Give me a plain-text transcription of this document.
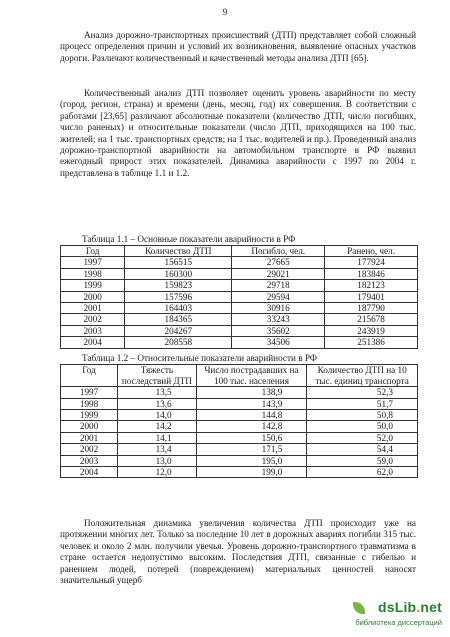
9

Анализ дорожно-транспортных происшествий (ДТП) представляет собой сложный процесс определения причин и условий их возникновения, выявление опасных участков дороги. Различают количественный и качественный методы анализа ДТП [65].

Количественный анализ ДТП позволяет оценить уровень аварийности по месту (город, регион, страна) и времени (день, месяц, год) их совершения. В соответствии с работами [23,65] различают абсолютные показатели (количество ДТП, число погибших, число раненых) и относительные показатели (число ДТП, приходящихся на 100 тыс. жителей; на 1 тыс. транспортных средств; на 1 тыс. водителей и пр.). Проведенный анализ дорожно-транспортной аварийности на автомобильном транспорте в РФ выявил ежегодный прирост этих показателей. Динамика аварийности с 1997 по 2004 г. представлена в таблице 1.1 и 1.2.

Таблица 1.1 – Основные показатели аварийности в РФ
Год	Количество ДТП	Погибло, чел.	Ранено, чел.
1997	156515	27665	177924
1998	160300	29021	183846
1999	159823	29718	182123
2000	157596	29594	179401
2001	164403	30916	187790
2002	184365	33243	215678
2003	204267	35602	243919
2004	208558	34506	251386
Таблица 1.2 – Относительные показатели аварийности в РФ
Год	Тяжесть последствий ДТП	Число пострадавших на 100 тыс. населения	Количество ДТП на 10 тыс. единиц транспорта
1997	13,5	138,9	52,3
1998	13,6	143,9	51,7
1999	14,0	144,8	50,8
2000	14,2	142,8	50,0
2001	14,1	150,6	52,0
2002	13,4	171,5	54,4
2003	13,0	195,0	59,0
2004	12,0	199,0	62,0

Положительная динамика увеличения количества ДТП происходит уже на протяжении многих лет. Только за последние 10 лет в дорожных авариях погибли 315 тыс. человек и около 2 млн. получили увечья. Уровень дорожно-транспортного травматизма в стране остается недопустимо высоким. Последствия ДТП, связанные с гибелью и ранением людей, потерей (повреждением) материальных ценностей наносят значительный ущерб

dsLib.net
библиотека диссертаций
